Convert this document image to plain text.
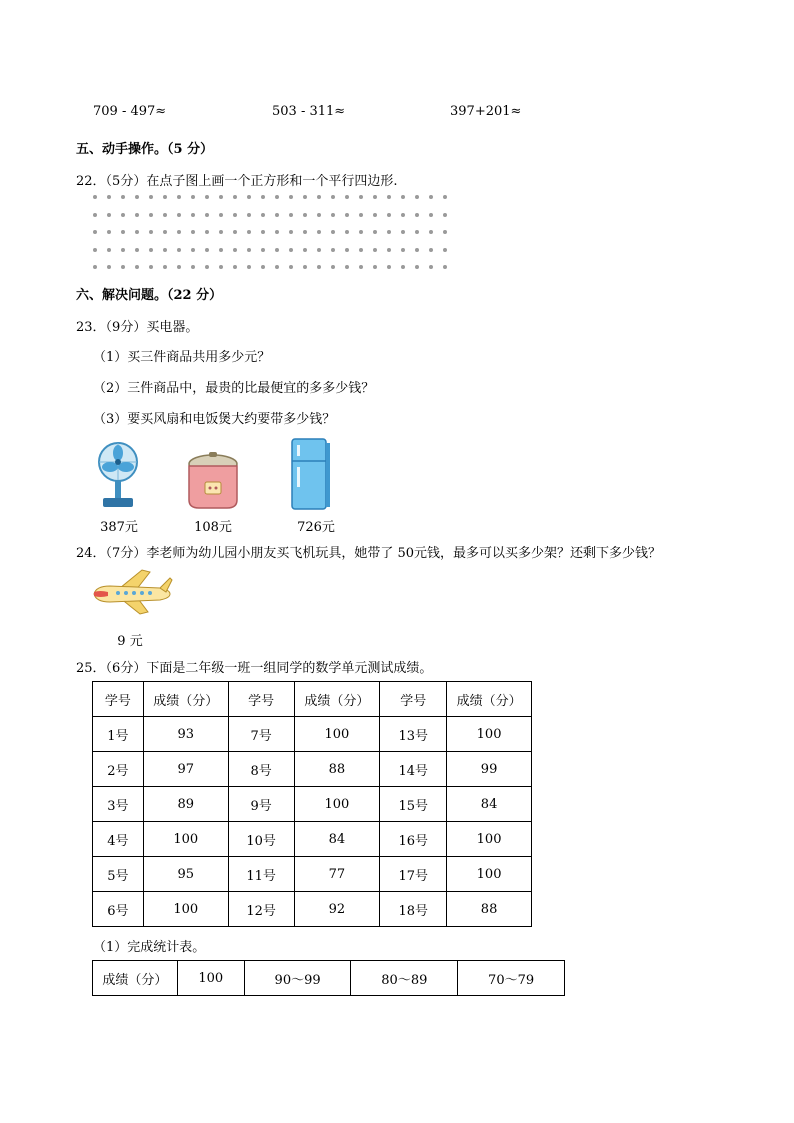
709 - 497≈	503 - 311≈	397+201≈
五、动手操作。（5 分）
22．（5分）在点子图上画一个正方形和一个平行四边形.
六、解决问题。（22 分）
23．（9分）买电器。
（1）买三件商品共用多少元？
（2）三件商品中，最贵的比最便宜的多多少钱？
（3）要买风扇和电饭煲大约要带多少钱？
387元	108元	726元
24．（7分）李老师为幼儿园小朋友买飞机玩具，她带了 50元钱，最多可以买多少架？还剩下多少钱？
9 元
25．（6分）下面是二年级一班一组同学的数学单元测试成绩。
学号	成绩（分）	学号	成绩（分）	学号	成绩（分）
1号	93	7号	100	13号	100
2号	97	8号	88	14号	99
3号	89	9号	100	15号	84
4号	100	10号	84	16号	100
5号	95	11号	77	17号	100
6号	100	12号	92	18号	88
（1）完成统计表。
成绩（分）	100	90～99	80～89	70～79
